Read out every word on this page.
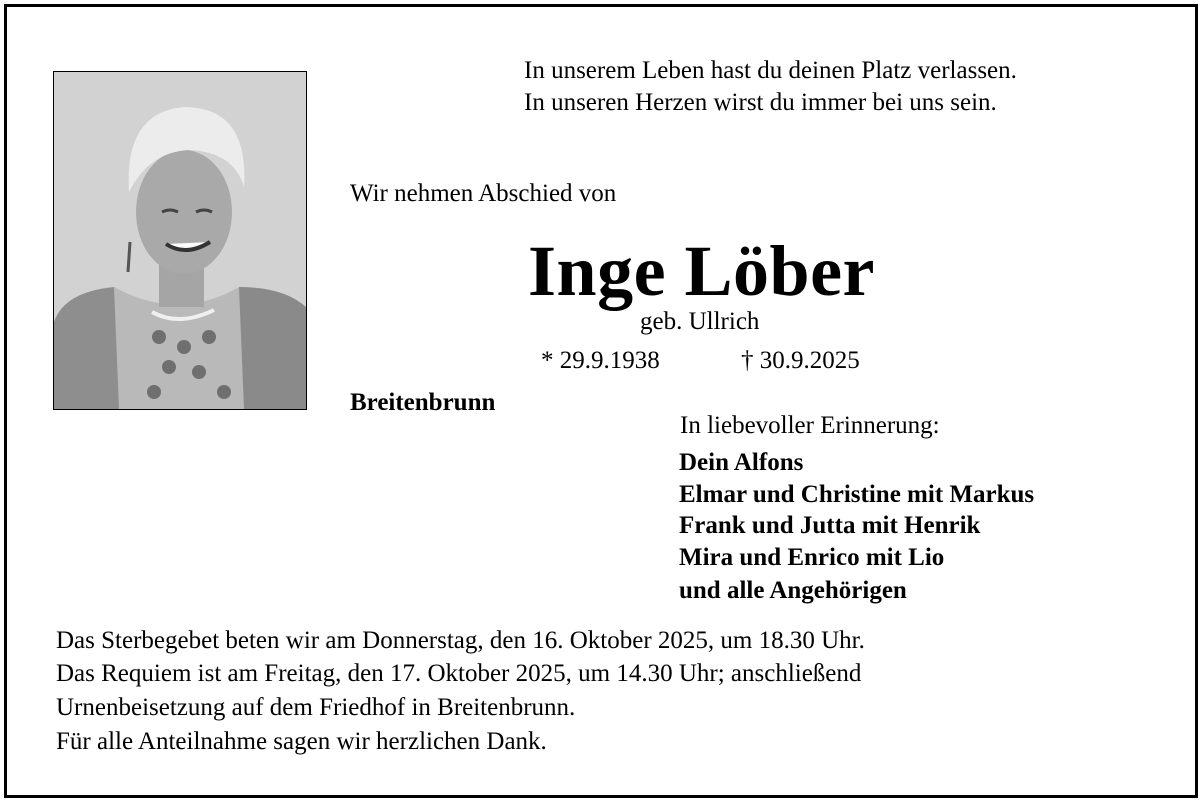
In unserem Leben hast du deinen Platz verlassen.
In unseren Herzen wirst du immer bei uns sein.
Wir nehmen Abschied von
Inge Löber
geb. Ullrich
* 29.9.1938	† 30.9.2025
Breitenbrunn
In liebevoller Erinnerung:
Dein Alfons
Elmar und Christine mit Markus
Frank und Jutta mit Henrik
Mira und Enrico mit Lio
und alle Angehörigen
Das Sterbegebet beten wir am Donnerstag, den 16. Oktober 2025, um 18.30 Uhr.
Das Requiem ist am Freitag, den 17. Oktober 2025, um 14.30 Uhr; anschließend
Urnenbeisetzung auf dem Friedhof in Breitenbrunn.
Für alle Anteilnahme sagen wir herzlichen Dank.
